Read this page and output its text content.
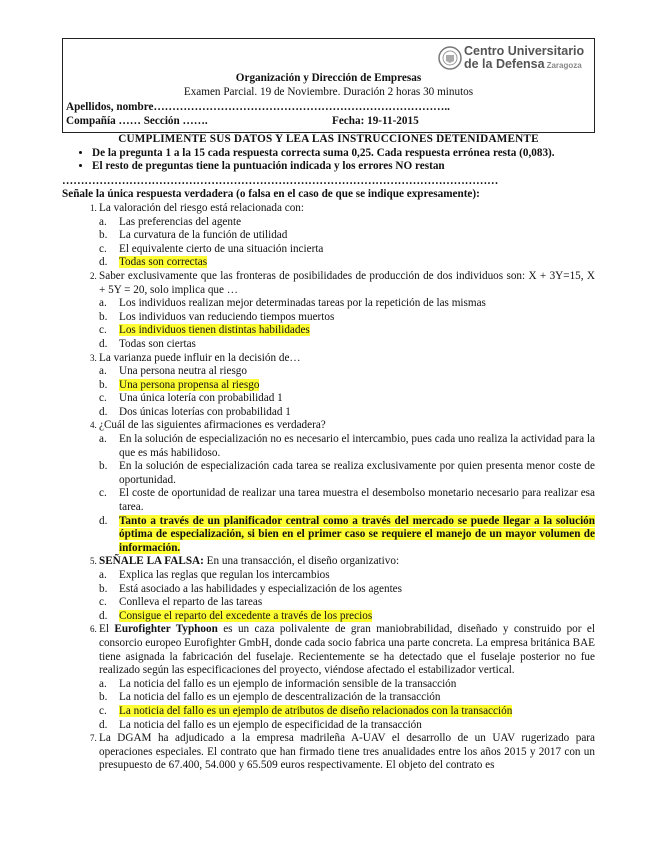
Centro Universitario
de la Defensa Zaragoza
Organización y Dirección de Empresas
Examen Parcial. 19 de Noviembre. Duración 2 horas 30 minutos
Apellidos, nombre……………………………………………………………………..
Compañía …… Sección …….	Fecha: 19-11-2015
CUMPLIMENTE SUS DATOS Y LEA LAS INSTRUCCIONES DETENIDAMENTE
• De la pregunta 1 a la 15 cada respuesta correcta suma 0,25. Cada respuesta errónea resta (0,083).
• El resto de preguntas tiene la puntuación indicada y los errores NO restan
………………………………………………………………………………………………………
Señale la única respuesta verdadera (o falsa en el caso de que se indique expresamente):
1. La valoración del riesgo está relacionada con:
a. Las preferencias del agente
b. La curvatura de la función de utilidad
c. El equivalente cierto de una situación incierta
d. Todas son correctas
2. Saber exclusivamente que las fronteras de posibilidades de producción de dos individuos son: X + 3Y=15, X + 5Y = 20, solo implica que …
a. Los individuos realizan mejor determinadas tareas por la repetición de las mismas
b. Los individuos van reduciendo tiempos muertos
c. Los individuos tienen distintas habilidades
d. Todas son ciertas
3. La varianza puede influir en la decisión de…
a. Una persona neutra al riesgo
b. Una persona propensa al riesgo
c. Una única lotería con probabilidad 1
d. Dos únicas loterías con probabilidad 1
4. ¿Cuál de las siguientes afirmaciones es verdadera?
a. En la solución de especialización no es necesario el intercambio, pues cada uno realiza la actividad para la que es más habilidoso.
b. En la solución de especialización cada tarea se realiza exclusivamente por quien presenta menor coste de oportunidad.
c. El coste de oportunidad de realizar una tarea muestra el desembolso monetario necesario para realizar esa tarea.
d. Tanto a través de un planificador central como a través del mercado se puede llegar a la solución óptima de especialización, si bien en el primer caso se requiere el manejo de un mayor volumen de información.
5. SEÑALE LA FALSA: En una transacción, el diseño organizativo:
a. Explica las reglas que regulan los intercambios
b. Está asociado a las habilidades y especialización de los agentes
c. Conlleva el reparto de las tareas
d. Consigue el reparto del excedente a través de los precios
6. El Eurofighter Typhoon es un caza polivalente de gran maniobrabilidad, diseñado y construido por el consorcio europeo Eurofighter GmbH, donde cada socio fabrica una parte concreta. La empresa británica BAE tiene asignada la fabricación del fuselaje. Recientemente se ha detectado que el fuselaje posterior no fue realizado según las especificaciones del proyecto, viéndose afectado el estabilizador vertical.
a. La noticia del fallo es un ejemplo de información sensible de la transacción
b. La noticia del fallo es un ejemplo de descentralización de la transacción
c. La noticia del fallo es un ejemplo de atributos de diseño relacionados con la transacción
d. La noticia del fallo es un ejemplo de especificidad de la transacción
7. La DGAM ha adjudicado a la empresa madrileña A-UAV el desarrollo de un UAV rugerizado para operaciones especiales. El contrato que han firmado tiene tres anualidades entre los años 2015 y 2017 con un presupuesto de 67.400, 54.000 y 65.509 euros respectivamente. El objeto del contrato es
